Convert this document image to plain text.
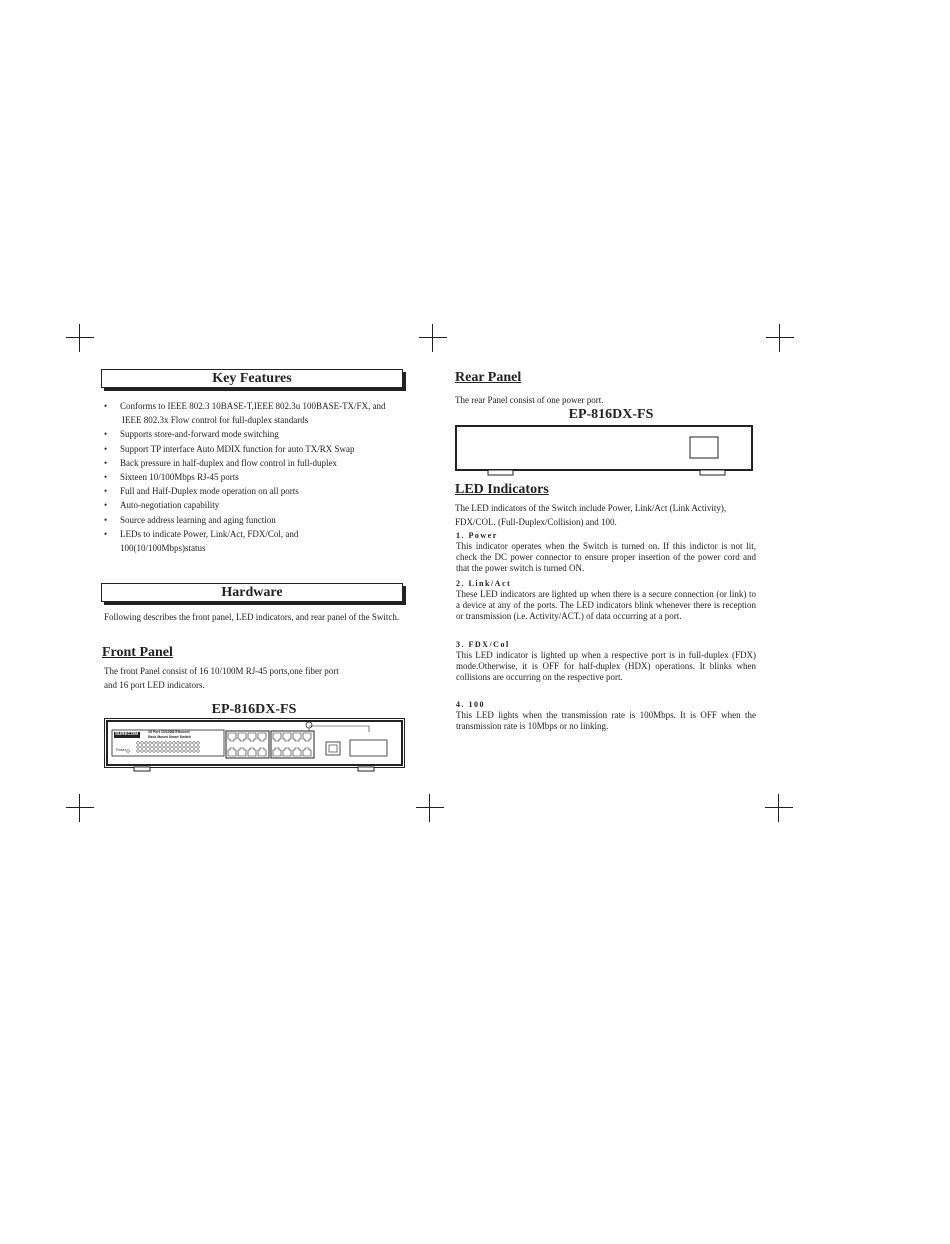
Key Features
• Conforms to IEEE 802.3 10BASE-T,IEEE 802.3u 100BASE-TX/FX, and
IEEE 802.3x Flow control for full-duplex standards
• Supports store-and-forward mode switching
• Support TP interface Auto MDIX function for auto TX/RX Swap
• Back pressure in half-duplex and flow control in full-duplex
• Sixteen 10/100Mbps RJ-45 ports
• Full and Half-Duplex mode operation on all ports
• Auto-negotiation capability
• Source address learning and aging function
• LEDs to indicate Power, Link/Act, FDX/Col, and
100(10/100Mbps)status
Hardware

Following describes the front panel, LED indicators, and rear panel of the Switch.

Front Panel

The front Panel consist of 16 10/100M RJ-45 ports,one fiber port

and 16 port LED indicators.

EP-816DX-FS
SURECOM	16 Port 10/100M Ethernet
Rack Mount Smart Switch
Power
Rear Panel

The rear Panel consist of one power port.

EP-816DX-FS
LED Indicators

The LED indicators of the Switch include Power, Link/Act (Link Activity),

FDX/COL. (Full-Duplex/Collision) and 100.

1. Power
This indicator operates when the Switch is turned on. If this indictor is not lit, check the DC power connector to ensure proper insertion of the power cord and that the power switch is turned ON.
2. Link/Act
These LED indicators are lighted up when there is a secure connection (or link) to a device at any of the ports. The LED indicators blink whenever there is reception or transmission (i.e. Activity/ACT.) of data occurring at a port.
3. FDX/Col
This LED indicator is lighted up when a respective port is in full-duplex (FDX) mode.Otherwise, it is OFF for half-duplex (HDX) operations. It blinks when collisions are occurring on the respective port.
4. 100
This LED lights when the transmission rate is 100Mbps. It is OFF when the transmission rate is 10Mbps or no linking.
